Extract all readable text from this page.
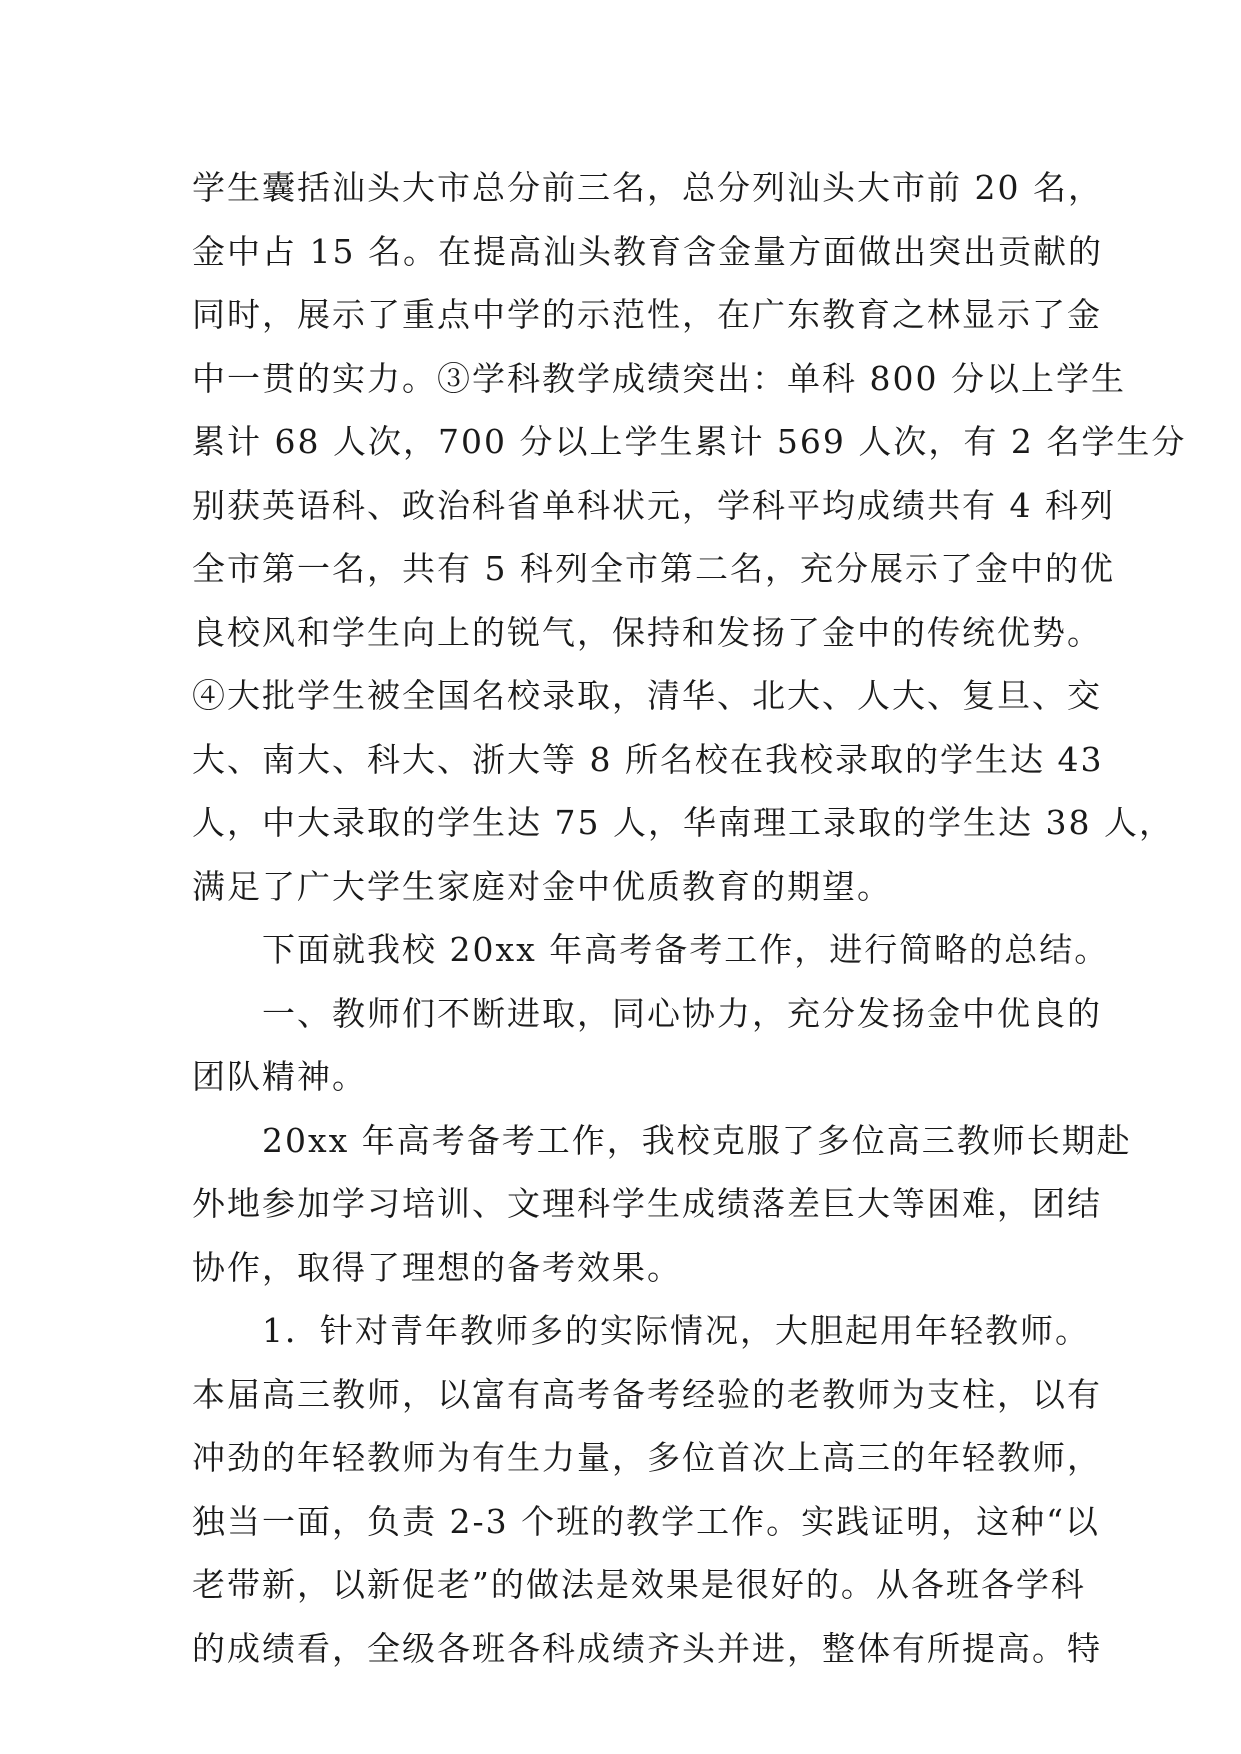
学生囊括汕头大市总分前三名，总分列汕头大市前 20 名，
金中占 15 名。在提高汕头教育含金量方面做出突出贡献的
同时，展示了重点中学的示范性，在广东教育之林显示了金
中一贯的实力。③学科教学成绩突出：单科 800 分以上学生
累计 68 人次，700 分以上学生累计 569 人次，有 2 名学生分
别获英语科、政治科省单科状元，学科平均成绩共有 4 科列
全市第一名，共有 5 科列全市第二名，充分展示了金中的优
良校风和学生向上的锐气，保持和发扬了金中的传统优势。
④大批学生被全国名校录取，清华、北大、人大、复旦、交
大、南大、科大、浙大等 8 所名校在我校录取的学生达 43
人，中大录取的学生达 75 人，华南理工录取的学生达 38 人，
满足了广大学生家庭对金中优质教育的期望。
下面就我校 20xx 年高考备考工作，进行简略的总结。
一、教师们不断进取，同心协力，充分发扬金中优良的
团队精神。
20xx 年高考备考工作，我校克服了多位高三教师长期赴
外地参加学习培训、文理科学生成绩落差巨大等困难，团结
协作，取得了理想的备考效果。
1．针对青年教师多的实际情况，大胆起用年轻教师。
本届高三教师，以富有高考备考经验的老教师为支柱，以有
冲劲的年轻教师为有生力量，多位首次上高三的年轻教师，
独当一面，负责 2-3 个班的教学工作。实践证明，这种“以
老带新，以新促老”的做法是效果是很好的。从各班各学科
的成绩看，全级各班各科成绩齐头并进，整体有所提高。特
